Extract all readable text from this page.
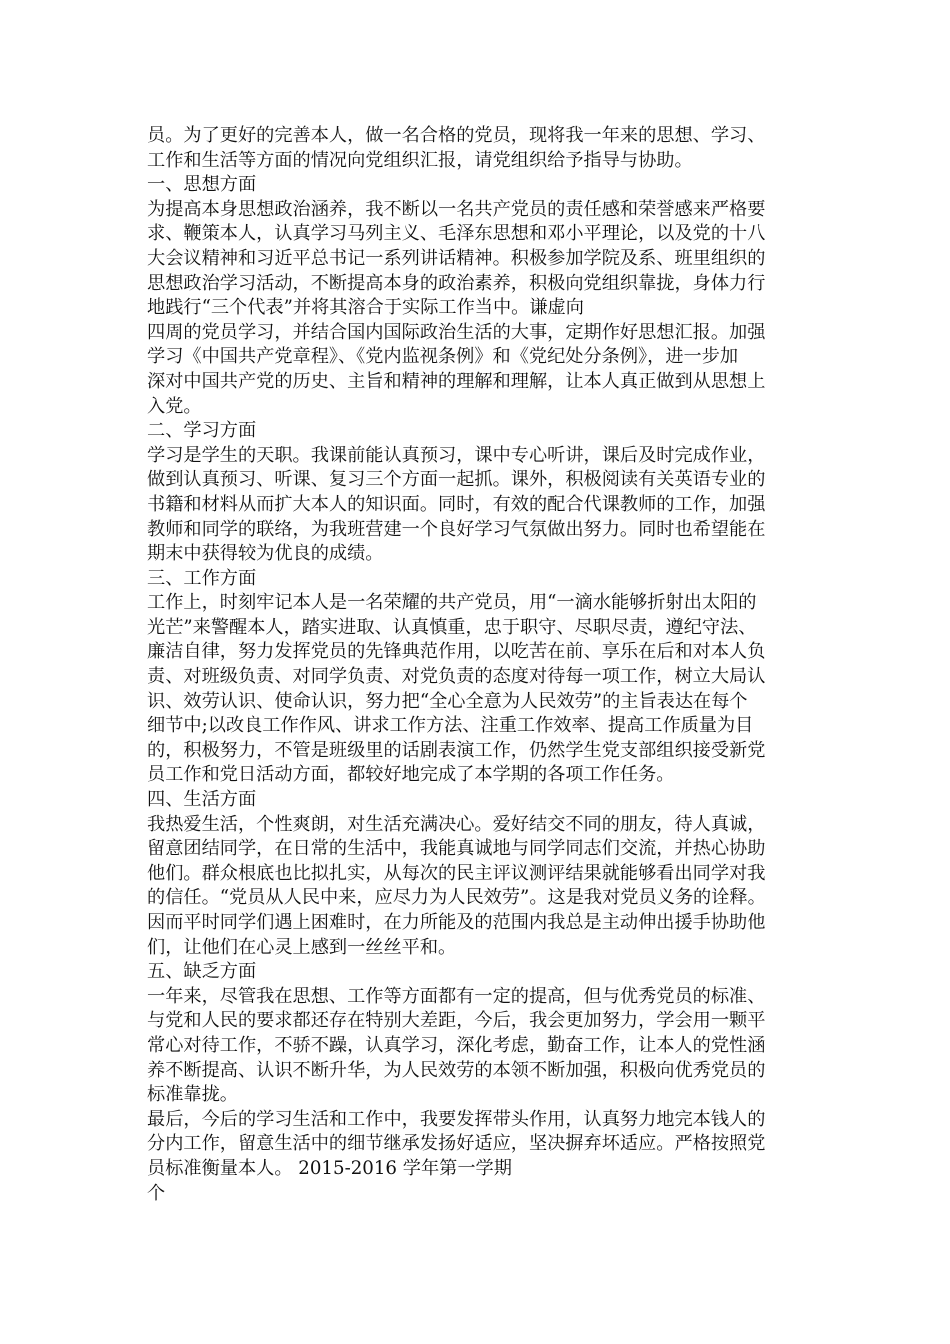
员。为了更好的完善本人，做一名合格的党员，现将我一年来的思想、学习、
工作和生活等方面的情况向党组织汇报，请党组织给予指导与协助。
一、思想方面
为提高本身思想政治涵养，我不断以一名共产党员的责任感和荣誉感来严格要
求、鞭策本人，认真学习马列主义、毛泽东思想和邓小平理论，以及党的十八
大会议精神和习近平总书记一系列讲话精神。积极参加学院及系、班里组织的
思想政治学习活动，不断提高本身的政治素养，积极向党组织靠拢，身体力行
地践行“三个代表”并将其溶合于实际工作当中。谦虚向
四周的党员学习，并结合国内国际政治生活的大事，定期作好思想汇报。加强
学习《中国共产党章程》、《党内监视条例》和《党纪处分条例》，进一步加
深对中国共产党的历史、主旨和精神的理解和理解，让本人真正做到从思想上
入党。
二、学习方面
学习是学生的天职。我课前能认真预习，课中专心听讲，课后及时完成作业，
做到认真预习、听课、复习三个方面一起抓。课外，积极阅读有关英语专业的
书籍和材料从而扩大本人的知识面。同时，有效的配合代课教师的工作，加强
教师和同学的联络，为我班营建一个良好学习气氛做出努力。同时也希望能在
期末中获得较为优良的成绩。
三、工作方面
工作上，时刻牢记本人是一名荣耀的共产党员，用“一滴水能够折射出太阳的
光芒”来警醒本人，踏实进取、认真慎重，忠于职守、尽职尽责，遵纪守法、
廉洁自律，努力发挥党员的先锋典范作用，以吃苦在前、享乐在后和对本人负
责、对班级负责、对同学负责、对党负责的态度对待每一项工作，树立大局认
识、效劳认识、使命认识，努力把“全心全意为人民效劳”的主旨表达在每个
细节中;以改良工作作风、讲求工作方法、注重工作效率、提高工作质量为目
的，积极努力，不管是班级里的话剧表演工作，仍然学生党支部组织接受新党
员工作和党日活动方面，都较好地完成了本学期的各项工作任务。
四、生活方面
我热爱生活，个性爽朗，对生活充满决心。爱好结交不同的朋友，待人真诚，
留意团结同学，在日常的生活中，我能真诚地与同学同志们交流，并热心协助
他们。群众根底也比拟扎实，从每次的民主评议测评结果就能够看出同学对我
的信任。“党员从人民中来，应尽力为人民效劳”。这是我对党员义务的诠释。
因而平时同学们遇上困难时，在力所能及的范围内我总是主动伸出援手协助他
们，让他们在心灵上感到一丝丝平和。
五、缺乏方面
一年来，尽管我在思想、工作等方面都有一定的提高，但与优秀党员的标准、
与党和人民的要求都还存在特别大差距，今后，我会更加努力，学会用一颗平
常心对待工作，不骄不躁，认真学习，深化考虑，勤奋工作，让本人的党性涵
养不断提高、认识不断升华，为人民效劳的本领不断加强，积极向优秀党员的
标准靠拢。
最后，今后的学习生活和工作中，我要发挥带头作用，认真努力地完本钱人的
分内工作，留意生活中的细节继承发扬好适应，坚决摒弃坏适应。严格按照党
员标准衡量本人。 2015-2016 学年第一学期
个
